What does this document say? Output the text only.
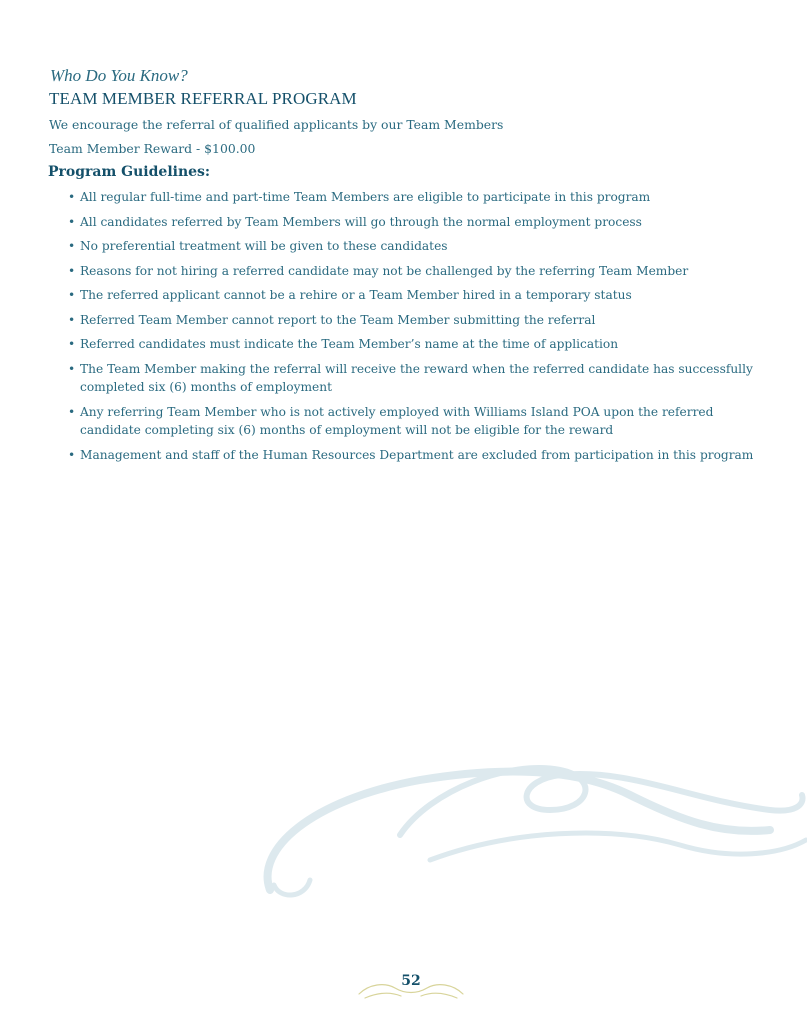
Who Do You Know?

TEAM MEMBER REFERRAL PROGRAM

We encourage the referral of qualified applicants by our Team Members

Team Member Reward - $100.00

Program Guidelines:
• All regular full-time and part-time Team Members are eligible to participate in this program
• All candidates referred by Team Members will go through the normal employment process
• No preferential treatment will be given to these candidates
• Reasons for not hiring a referred candidate may not be challenged by the referring Team Member
• The referred applicant cannot be a rehire or a Team Member hired in a temporary status
• Referred Team Member cannot report to the Team Member submitting the referral
• Referred candidates must indicate the Team Member’s name at the time of application
• The Team Member making the referral will receive the reward when the referred candidate has successfully completed six (6) months of employment
• Any referring Team Member who is not actively employed with Williams Island POA upon the referred candidate completing six (6) months of employment will not be eligible for the reward
• Management and staff of the Human Resources Department are excluded from participation in this program
52
